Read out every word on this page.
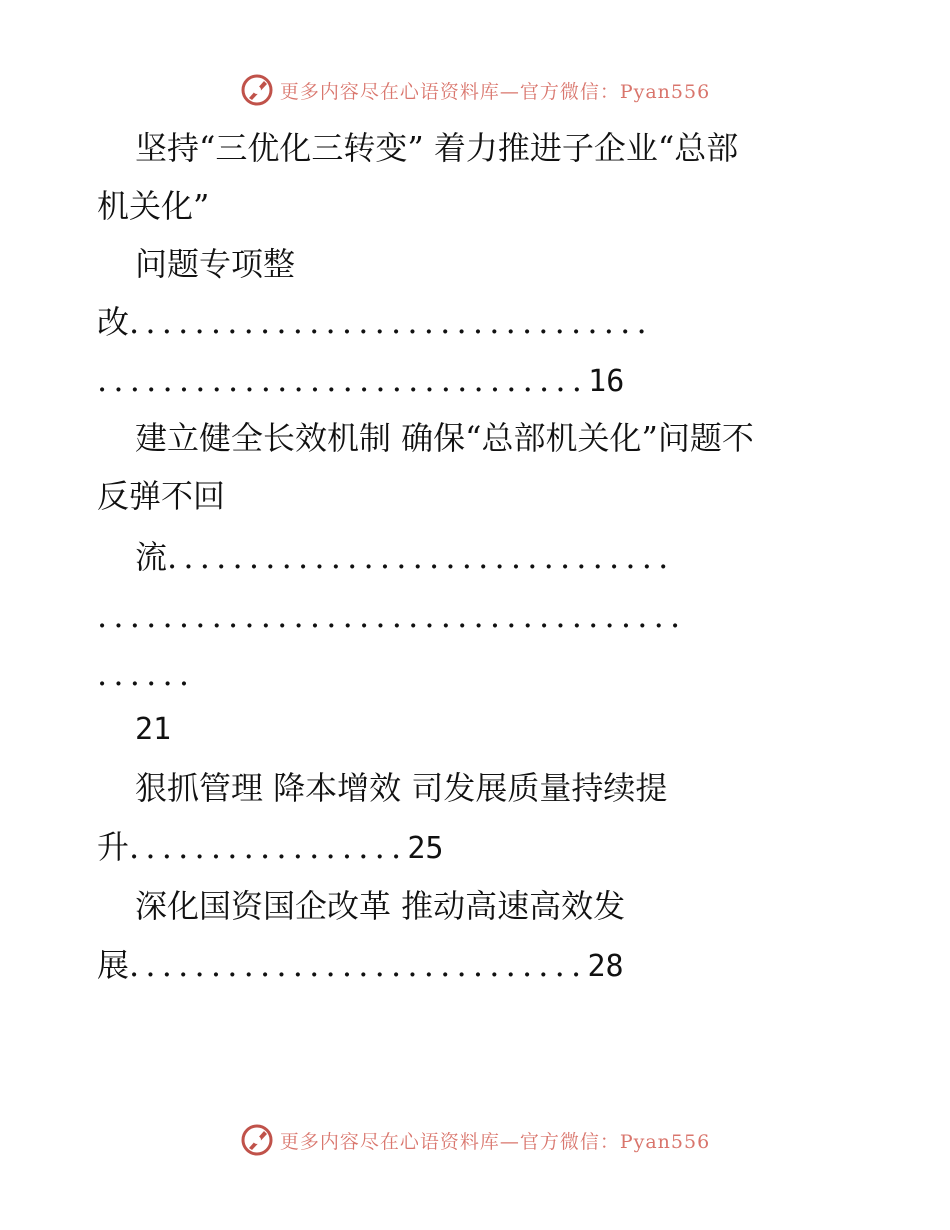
更多内容尽在心语资料库—官方微信：Pyan556
坚持“三优化三转变” 着力推进子企业“总部
机关化”
问题专项整
改................................
..............................16
建立健全长效机制 确保“总部机关化”问题不
反弹不回
流...............................
....................................
......
21
狠抓管理 降本增效 司发展质量持续提
升.................25
深化国资国企改革 推动高速高效发
展............................28
更多内容尽在心语资料库—官方微信：Pyan556
